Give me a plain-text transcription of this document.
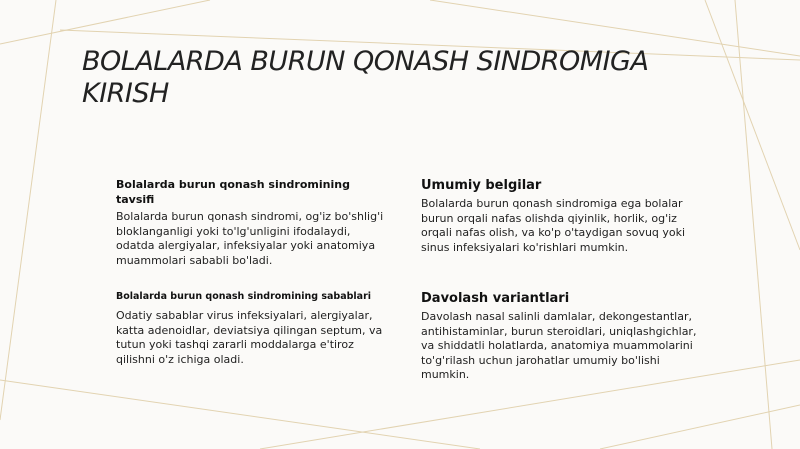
BOLALARDA BURUN QONASH SINDROMIGA KIRISH
Bolalarda burun qonash sindromining tavsifi

Bolalarda burun qonash sindromi, og'iz bo'shlig'i bloklanganligi yoki to'lg'unligini ifodalaydi, odatda alergiyalar, infeksiyalar yoki anatomiya muammolari sababli bo'ladi.

Umumiy belgilar

Bolalarda burun qonash sindromiga ega bolalar burun orqali nafas olishda qiyinlik, horlik, og'iz orqali nafas olish, va ko'p o'taydigan sovuq yoki sinus infeksiyalari ko'rishlari mumkin.

Bolalarda burun qonash sindromining sabablari

Odatiy sabablar virus infeksiyalari, alergiyalar, katta adenoidlar, deviatsiya qilingan septum, va tutun yoki tashqi zararli moddalarga e'tiroz qilishni o'z ichiga oladi.

Davolash variantlari

Davolash nasal salinli damlalar, dekongestantlar, antihistaminlar, burun steroidlari, uniqlashgichlar, va shiddatli holatlarda, anatomiya muammolarini to'g'rilash uchun jarohatlar umumiy bo'lishi mumkin.
